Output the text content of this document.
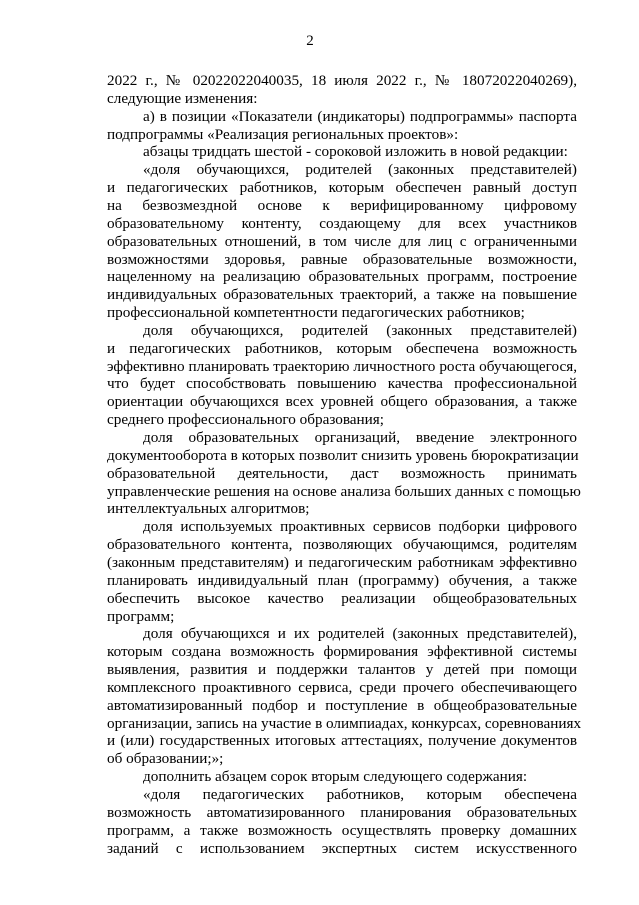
2
2022 г., № 02022022040035, 18 июля 2022 г., № 18072022040269),
следующие изменения:
а) в позиции «Показатели (индикаторы) подпрограммы» паспорта
подпрограммы «Реализация региональных проектов»:
абзацы тридцать шестой - сороковой изложить в новой редакции:
«доля обучающихся, родителей (законных представителей)
и педагогических работников, которым обеспечен равный доступ
на безвозмездной основе к верифицированному цифровому
образовательному контенту, создающему для всех участников
образовательных отношений, в том числе для лиц с ограниченными
возможностями здоровья, равные образовательные возможности,
нацеленному на реализацию образовательных программ, построение
индивидуальных образовательных траекторий, а также на повышение
профессиональной компетентности педагогических работников;
доля обучающихся, родителей (законных представителей)
и педагогических работников, которым обеспечена возможность
эффективно планировать траекторию личностного роста обучающегося,
что будет способствовать повышению качества профессиональной
ориентации обучающихся всех уровней общего образования, а также
среднего профессионального образования;
доля образовательных организаций, введение электронного
документооборота в которых позволит снизить уровень бюрократизации
образовательной деятельности, даст возможность принимать
управленческие решения на основе анализа больших данных с помощью
интеллектуальных алгоритмов;
доля используемых проактивных сервисов подборки цифрового
образовательного контента, позволяющих обучающимся, родителям
(законным представителям) и педагогическим работникам эффективно
планировать индивидуальный план (программу) обучения, а также
обеспечить высокое качество реализации общеобразовательных
программ;
доля обучающихся и их родителей (законных представителей),
которым создана возможность формирования эффективной системы
выявления, развития и поддержки талантов у детей при помощи
комплексного проактивного сервиса, среди прочего обеспечивающего
автоматизированный подбор и поступление в общеобразовательные
организации, запись на участие в олимпиадах, конкурсах, соревнованиях
и (или) государственных итоговых аттестациях, получение документов
об образовании;»;
дополнить абзацем сорок вторым следующего содержания:
«доля педагогических работников, которым обеспечена
возможность автоматизированного планирования образовательных
программ, а также возможность осуществлять проверку домашних
заданий с использованием экспертных систем искусственного
